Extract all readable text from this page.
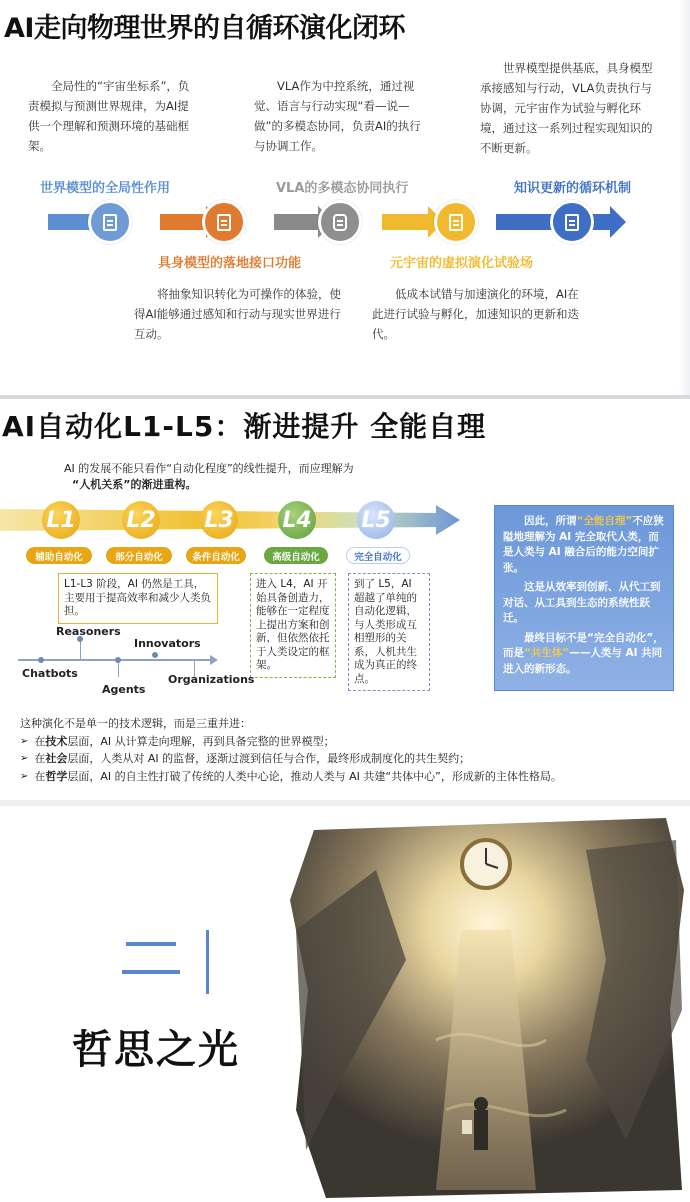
AI走向物理世界的自循环演化闭环
全局性的“宇宙坐标系”，负责模拟与预测世界规律，为AI提供一个理解和预测环境的基础框架。
VLA作为中控系统，通过视觉、语言与行动实现“看—说—做”的多模态协同，负责AI的执行与协调工作。
世界模型提供基底，具身模型承接感知与行动，VLA负责执行与协调，元宇宙作为试验与孵化环境，通过这一系列过程实现知识的不断更新。
世界模型的全局性作用	VLA的多模态协同执行	知识更新的循环机制
具身模型的落地接口功能	元宇宙的虚拟演化试验场
将抽象知识转化为可操作的体验，使得AI能够通过感知和行动与现实世界进行互动。
低成本试错与加速演化的环境，AI在此进行试验与孵化，加速知识的更新和迭代。
AI自动化L1-L5：渐进提升 全能自理
AI 的发展不能只看作“自动化程度”的线性提升，而应理解为
“人机关系”的渐进重构。
L1 L2 L3 L4 L5
辅助自动化	部分自动化	条件自动化	高级自动化	完全自动化
L1-L3 阶段，AI 仍然是工具，主要用于提高效率和减少人类负担。
进入 L4，AI 开始具备创造力，能够在一定程度上提出方案和创新，但依然依托于人类设定的框架。
到了 L5，AI 超越了单纯的自动化逻辑，与人类形成互相塑形的关系，人机共生成为真正的终点。
Chatbots
Reasoners
Agents
Innovators
Organizations

因此，所谓“全能自理”不应狭隘地理解为 AI 完全取代人类，而是人类与 AI 融合后的能力空间扩张。

这是从效率到创新、从代工到对话、从工具到生态的系统性跃迁。

最终目标不是“完全自动化”，而是“共生体”——人类与 AI 共同进入的新形态。

这种演化不是单一的技术逻辑，而是三重并进：
➢ 在技术层面，AI 从计算走向理解，再到具备完整的世界模型；
➢ 在社会层面，人类从对 AI 的监督，逐渐过渡到信任与合作，最终形成制度化的共生契约；
➢ 在哲学层面，AI 的自主性打破了传统的人类中心论，推动人类与 AI 共建“共体中心”，形成新的主体性格局。
哲思之光
